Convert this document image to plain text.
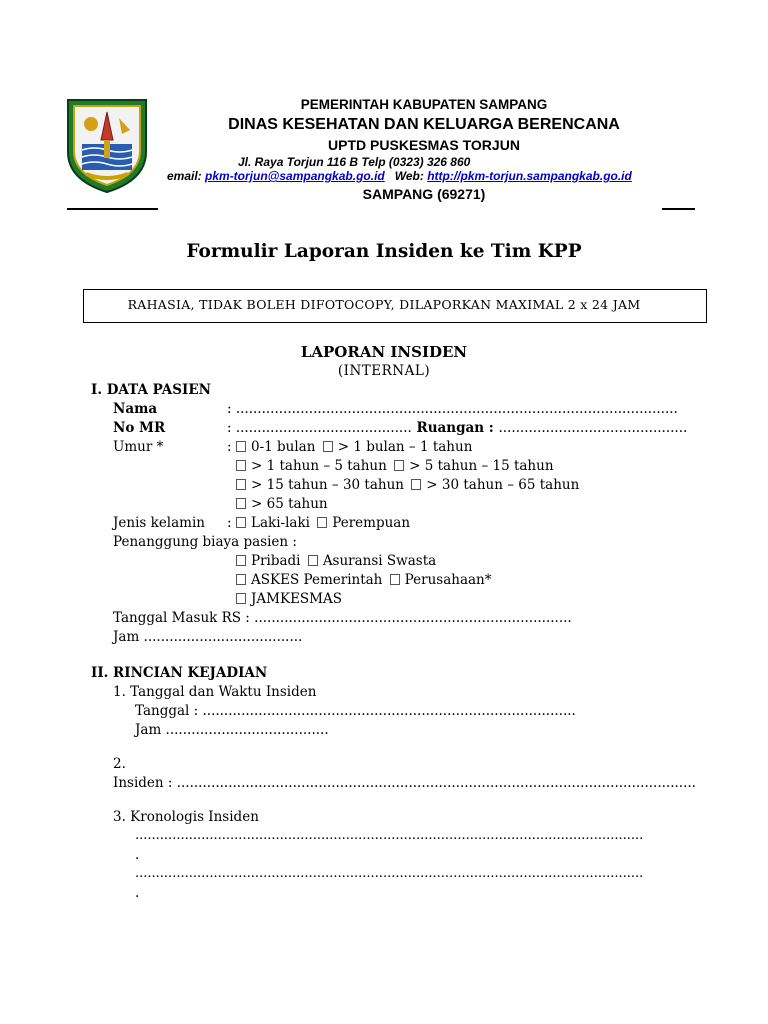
PEMERINTAH KABUPATEN SAMPANG
DINAS KESEHATAN DAN KELUARGA BERENCANA
UPTD PUSKESMAS TORJUN
Jl. Raya Torjun 116 B Telp (0323) 326 860
email: pkm-torjun@sampangkab.go.id   Web: http://pkm-torjun.sampangkab.go.id
SAMPANG (69271)
Formulir Laporan Insiden ke Tim KPP
RAHASIA, TIDAK BOLEH DIFOTOCOPY, DILAPORKAN MAXIMAL 2 x 24 JAM
LAPORAN INSIDEN
(INTERNAL)
I. DATA PASIEN
Nama	: .......................................................................................................
No MR	: ......................................... Ruangan : ............................................
Umur *	:	0-1 bulan > 1 bulan – 1 tahun
> 1 tahun – 5 tahun > 5 tahun – 15 tahun
> 15 tahun – 30 tahun > 30 tahun – 65 tahun
> 65 tahun
Jenis kelamin :	Laki-laki Perempuan
Penanggung biaya pasien :
Pribadi Asuransi Swasta
ASKES Pemerintah Perusahaan*
JAMKESMAS
Tanggal Masuk RS : ..........................................................................
Jam .....................................
II. RINCIAN KEJADIAN
1. Tanggal dan Waktu Insiden
Tanggal : .......................................................................................
Jam ......................................
2.
Insiden : .........................................................................................................................
3. Kronologis Insiden
...........................................................................................................................
.
...........................................................................................................................
.
